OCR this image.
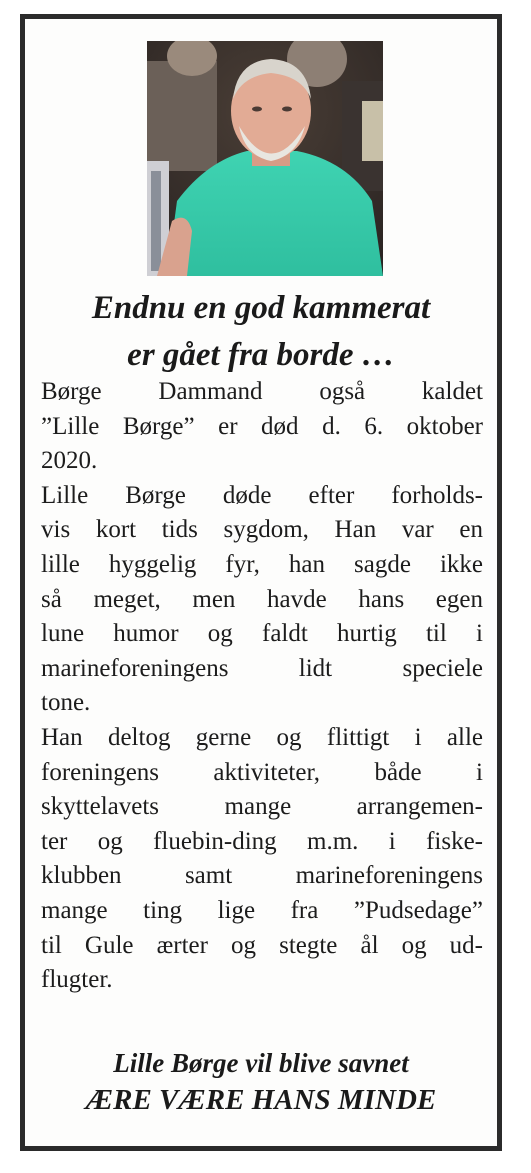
Endnu en god kammerat
er gået fra borde …
Børge Dammand også kaldet
”Lille Børge” er død d. 6. oktober
2020.
Lille Børge døde efter forholds-
vis kort tids sygdom, Han var en
lille hyggelig fyr, han sagde ikke
så meget, men havde hans egen
lune humor og faldt hurtig til i
marineforeningens lidt speciele
tone.
Han deltog gerne og flittigt i alle
foreningens aktiviteter, både i
skyttelavets mange arrangemen-
ter og fluebin-ding m.m. i fiske-
klubben samt marineforeningens
mange ting lige fra ”Pudsedage”
til Gule ærter og stegte ål og ud-
flugter.
Lille Børge vil blive savnet
ÆRE VÆRE HANS MINDE
